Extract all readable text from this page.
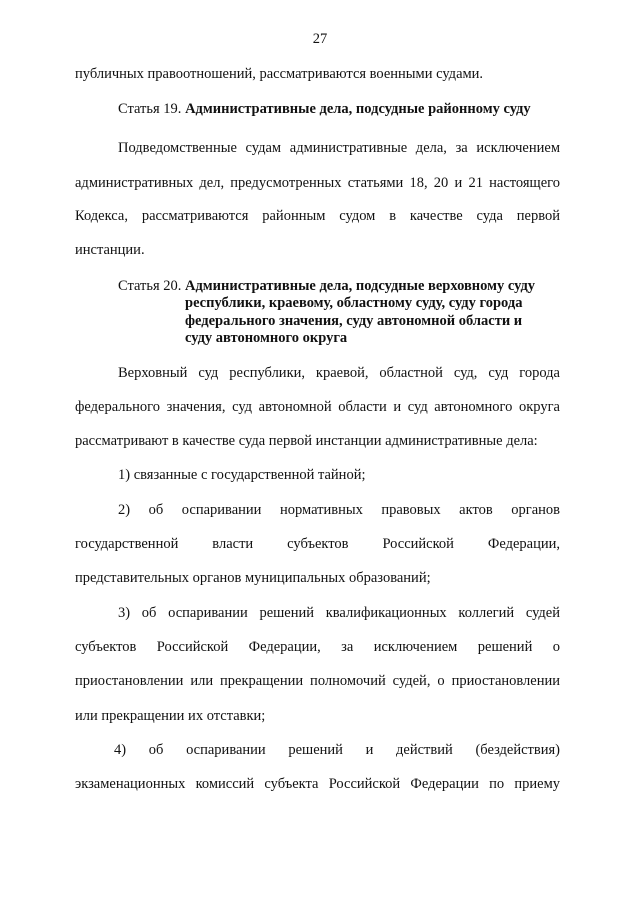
27
публичных правоотношений, рассматриваются военными судами.
Статья 19. Административные дела, подсудные районному суду
Подведомственные судам административные дела, за исключением
административных дел, предусмотренных статьями 18, 20 и 21 настоящего
Кодекса, рассматриваются районным судом в качестве суда первой
инстанции.
Статья 20. Административные дела, подсудные верховному суду
республики, краевому, областному суду, суду города
федерального значения, суду автономной области и
суду автономного округа
Верховный суд республики, краевой, областной суд, суд города
федерального значения, суд автономной области и суд автономного округа
рассматривают в качестве суда первой инстанции административные дела:
1) связанные с государственной тайной;
2) об оспаривании нормативных правовых актов органов
государственной власти субъектов Российской Федерации,
представительных органов муниципальных образований;
3) об оспаривании решений квалификационных коллегий судей
субъектов Российской Федерации, за исключением решений о
приостановлении или прекращении полномочий судей, о приостановлении
или прекращении их отставки;
4) об оспаривании решений и действий (бездействия)
экзаменационных комиссий субъекта Российской Федерации по приему
